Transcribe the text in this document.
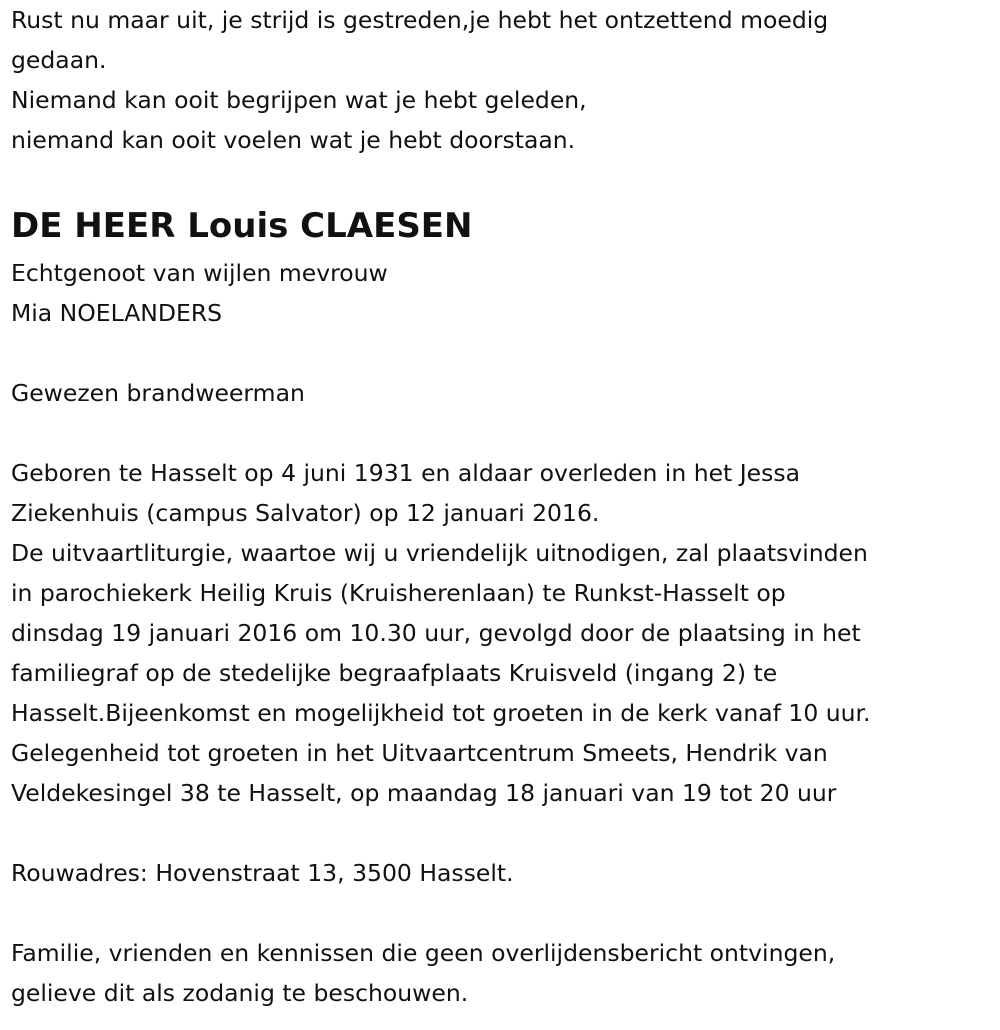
Rust nu maar uit, je strijd is gestreden,je hebt het ontzettend moedig
gedaan.
Niemand kan ooit begrijpen wat je hebt geleden,
niemand kan ooit voelen wat je hebt doorstaan.
DE HEER Louis CLAESEN
Echtgenoot van wijlen mevrouw
Mia NOELANDERS
Gewezen brandweerman
Geboren te Hasselt op 4 juni 1931 en aldaar overleden in het Jessa
Ziekenhuis (campus Salvator) op 12 januari 2016.
De uitvaartliturgie, waartoe wij u vriendelijk uitnodigen, zal plaatsvinden
in parochiekerk Heilig Kruis (Kruisherenlaan) te Runkst-Hasselt op
dinsdag 19 januari 2016 om 10.30 uur, gevolgd door de plaatsing in het
familiegraf op de stedelijke begraafplaats Kruisveld (ingang 2) te
Hasselt.Bijeenkomst en mogelijkheid tot groeten in de kerk vanaf 10 uur.
Gelegenheid tot groeten in het Uitvaartcentrum Smeets, Hendrik van
Veldekesingel 38 te Hasselt, op maandag 18 januari van 19 tot 20 uur
Rouwadres: Hovenstraat 13, 3500 Hasselt.
Familie, vrienden en kennissen die geen overlijdensbericht ontvingen,
gelieve dit als zodanig te beschouwen.
